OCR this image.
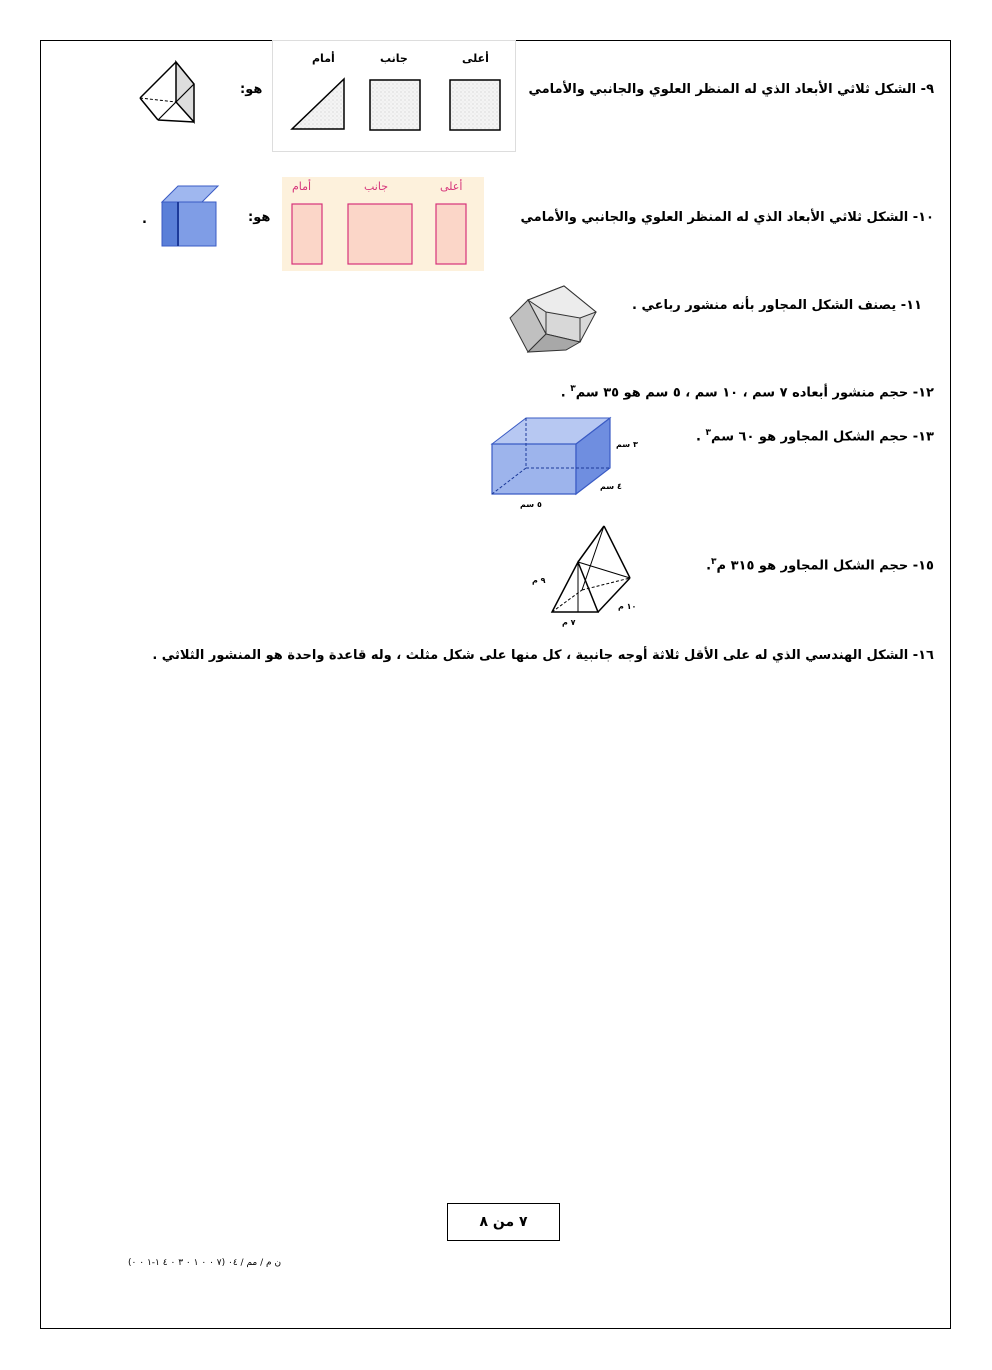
٩- الشكل ثلاثي الأبعاد الذي له المنظر العلوي والجانبي والأمامي
هو:
أعلى
جانب
أمام
١٠- الشكل ثلاثي الأبعاد الذي له المنظر العلوي والجانبي والأمامي
هو:
أعلى
جانب
أمام
.
١١- يصنف الشكل المجاور بأنه منشور رباعي .
١٢- حجم منشور أبعاده ٧ سم ، ١٠ سم ، ٥ سم هو ٣٥ سم$^٣$ .
١٣- حجم الشكل المجاور هو ٦٠ سم$^٣$ .
٣ سم
٤ سم
٥ سم
١٥- حجم الشكل المجاور هو ٣١٥ م$^٣$.
٩ م
٧ م
١٠ م
١٦- الشكل الهندسي الذي له على الأقل ثلاثة أوجه جانبية ، كل منها على شكل مثلث ، وله قاعدة واحدة هو المنشور الثلاثي .
٧ من ٨
ن م / مم / ٠٤ (٧ ٠ ٠ ١ ٠ ٣ ٠ ٤ ١-١ ٠ ٠)
